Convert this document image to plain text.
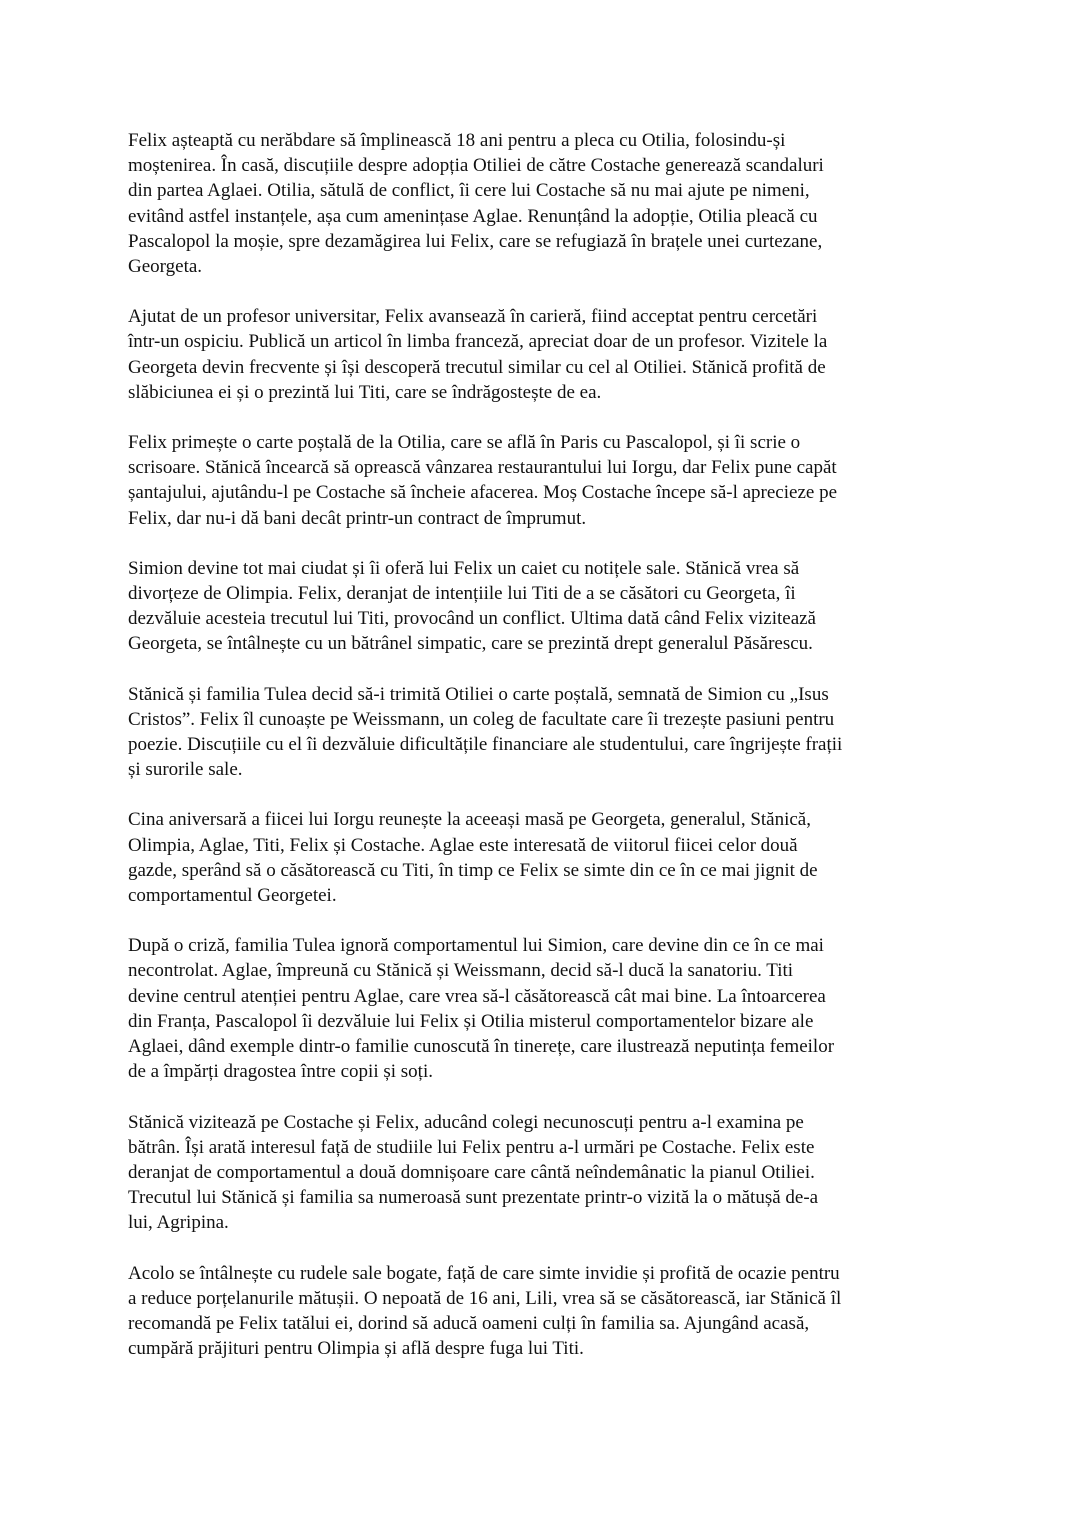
Felix așteaptă cu nerăbdare să împlinească 18 ani pentru a pleca cu Otilia, folosindu-și
moștenirea. În casă, discuțiile despre adopția Otiliei de către Costache generează scandaluri
din partea Aglaei. Otilia, sătulă de conflict, îi cere lui Costache să nu mai ajute pe nimeni,
evitând astfel instanțele, așa cum amenințase Aglae. Renunțând la adopție, Otilia pleacă cu
Pascalopol la moșie, spre dezamăgirea lui Felix, care se refugiază în brațele unei curtezane,
Georgeta.

Ajutat de un profesor universitar, Felix avansează în carieră, fiind acceptat pentru cercetări
într-un ospiciu. Publică un articol în limba franceză, apreciat doar de un profesor. Vizitele la
Georgeta devin frecvente și își descoperă trecutul similar cu cel al Otiliei. Stănică profită de
slăbiciunea ei și o prezintă lui Titi, care se îndrăgostește de ea.

Felix primește o carte poștală de la Otilia, care se află în Paris cu Pascalopol, și îi scrie o
scrisoare. Stănică încearcă să oprească vânzarea restaurantului lui Iorgu, dar Felix pune capăt
șantajului, ajutându-l pe Costache să încheie afacerea. Moș Costache începe să-l aprecieze pe
Felix, dar nu-i dă bani decât printr-un contract de împrumut.

Simion devine tot mai ciudat și îi oferă lui Felix un caiet cu notițele sale. Stănică vrea să
divorțeze de Olimpia. Felix, deranjat de intențiile lui Titi de a se căsători cu Georgeta, îi
dezvăluie acesteia trecutul lui Titi, provocând un conflict. Ultima dată când Felix vizitează
Georgeta, se întâlnește cu un bătrânel simpatic, care se prezintă drept generalul Păsărescu.

Stănică și familia Tulea decid să-i trimită Otiliei o carte poștală, semnată de Simion cu „Isus
Cristos”. Felix îl cunoaște pe Weissmann, un coleg de facultate care îi trezește pasiuni pentru
poezie. Discuțiile cu el îi dezvăluie dificultățile financiare ale studentului, care îngrijește frații
și surorile sale.

Cina aniversară a fiicei lui Iorgu reunește la aceeași masă pe Georgeta, generalul, Stănică,
Olimpia, Aglae, Titi, Felix și Costache. Aglae este interesată de viitorul fiicei celor două
gazde, sperând să o căsătorească cu Titi, în timp ce Felix se simte din ce în ce mai jignit de
comportamentul Georgetei.

După o criză, familia Tulea ignoră comportamentul lui Simion, care devine din ce în ce mai
necontrolat. Aglae, împreună cu Stănică și Weissmann, decid să-l ducă la sanatoriu. Titi
devine centrul atenției pentru Aglae, care vrea să-l căsătorească cât mai bine. La întoarcerea
din Franța, Pascalopol îi dezvăluie lui Felix și Otilia misterul comportamentelor bizare ale
Aglaei, dând exemple dintr-o familie cunoscută în tinerețe, care ilustrează neputința femeilor
de a împărți dragostea între copii și soți.

Stănică vizitează pe Costache și Felix, aducând colegi necunoscuți pentru a-l examina pe
bătrân. Își arată interesul față de studiile lui Felix pentru a-l urmări pe Costache. Felix este
deranjat de comportamentul a două domnișoare care cântă neîndemânatic la pianul Otiliei.
Trecutul lui Stănică și familia sa numeroasă sunt prezentate printr-o vizită la o mătușă de-a
lui, Agripina.

Acolo se întâlnește cu rudele sale bogate, față de care simte invidie și profită de ocazie pentru
a reduce porțelanurile mătușii. O nepoată de 16 ani, Lili, vrea să se căsătorească, iar Stănică îl
recomandă pe Felix tatălui ei, dorind să aducă oameni culți în familia sa. Ajungând acasă,
cumpără prăjituri pentru Olimpia și află despre fuga lui Titi.
